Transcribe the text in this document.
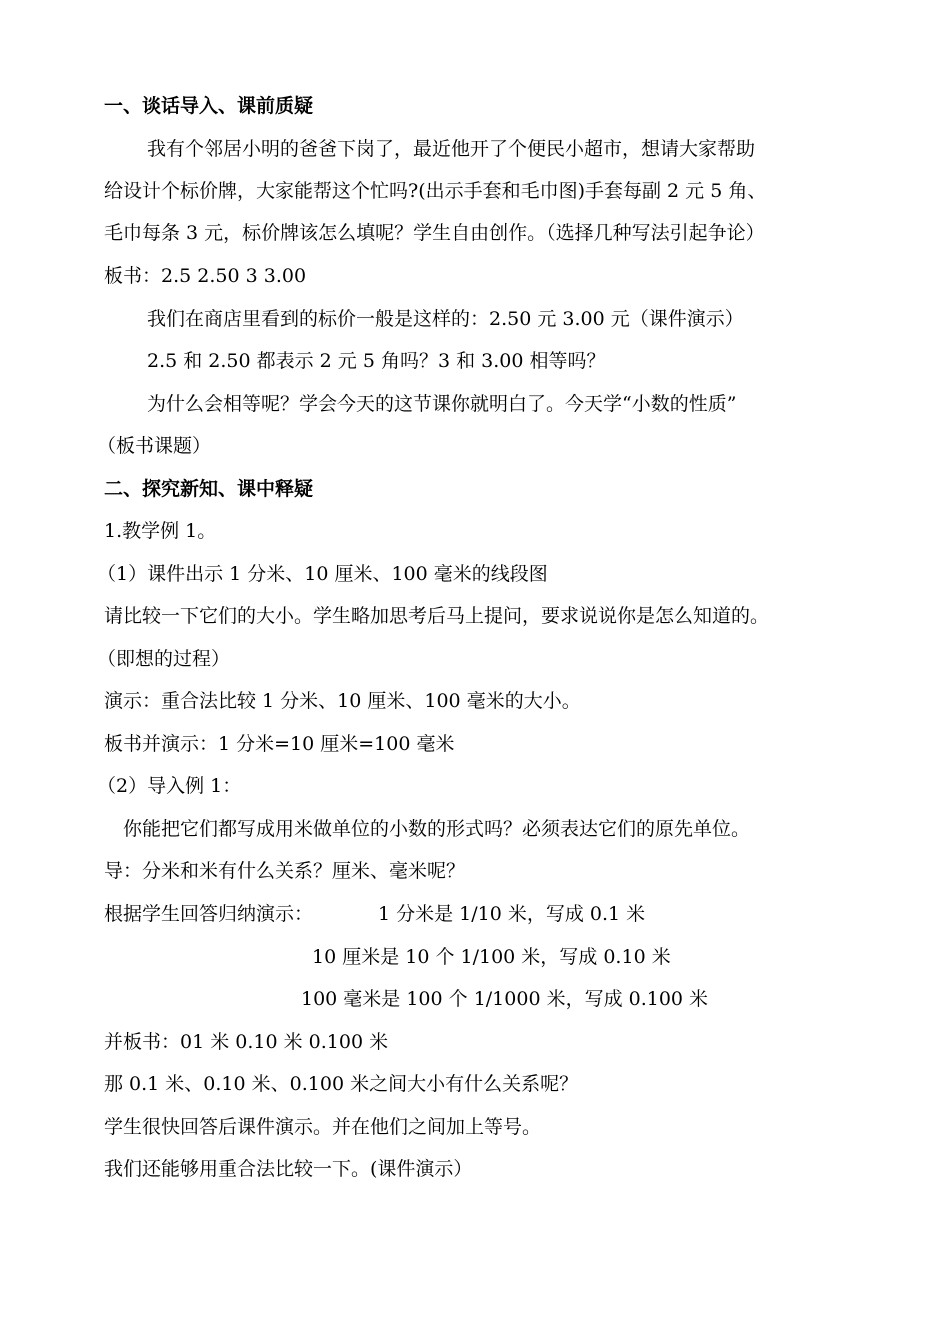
一、谈话导入、课前质疑
我有个邻居小明的爸爸下岗了，最近他开了个便民小超市，想请大家帮助
给设计个标价牌，大家能帮这个忙吗?(出示手套和毛巾图)手套每副 2 元 5 角、
毛巾每条 3 元，标价牌该怎么填呢？学生自由创作。（选择几种写法引起争论）
板书：2.5 2.50 3 3.00
我们在商店里看到的标价一般是这样的：2.50 元 3.00 元（课件演示）
2.5 和 2.50 都表示 2 元 5 角吗？3 和 3.00 相等吗？
为什么会相等呢？学会今天的这节课你就明白了。今天学“小数的性质”
（板书课题）
二、探究新知、课中释疑
1.教学例 1。
（1）课件出示 1 分米、10 厘米、100 毫米的线段图
请比较一下它们的大小。学生略加思考后马上提问，要求说说你是怎么知道的。
（即想的过程）
演示：重合法比较 1 分米、10 厘米、100 毫米的大小。
板书并演示：1 分米=10 厘米=100 毫米
（2）导入例 1：
你能把它们都写成用米做单位的小数的形式吗？必须表达它们的原先单位。
导：分米和米有什么关系？厘米、毫米呢？
根据学生回答归纳演示：	1 分米是 1/10 米，写成 0.1 米
10 厘米是 10 个 1/100 米，写成 0.10 米
100 毫米是 100 个 1/1000 米，写成 0.100 米
并板书：01 米 0.10 米 0.100 米
那 0.1 米、0.10 米、0.100 米之间大小有什么关系呢？
学生很快回答后课件演示。并在他们之间加上等号。
我们还能够用重合法比较一下。(课件演示）
